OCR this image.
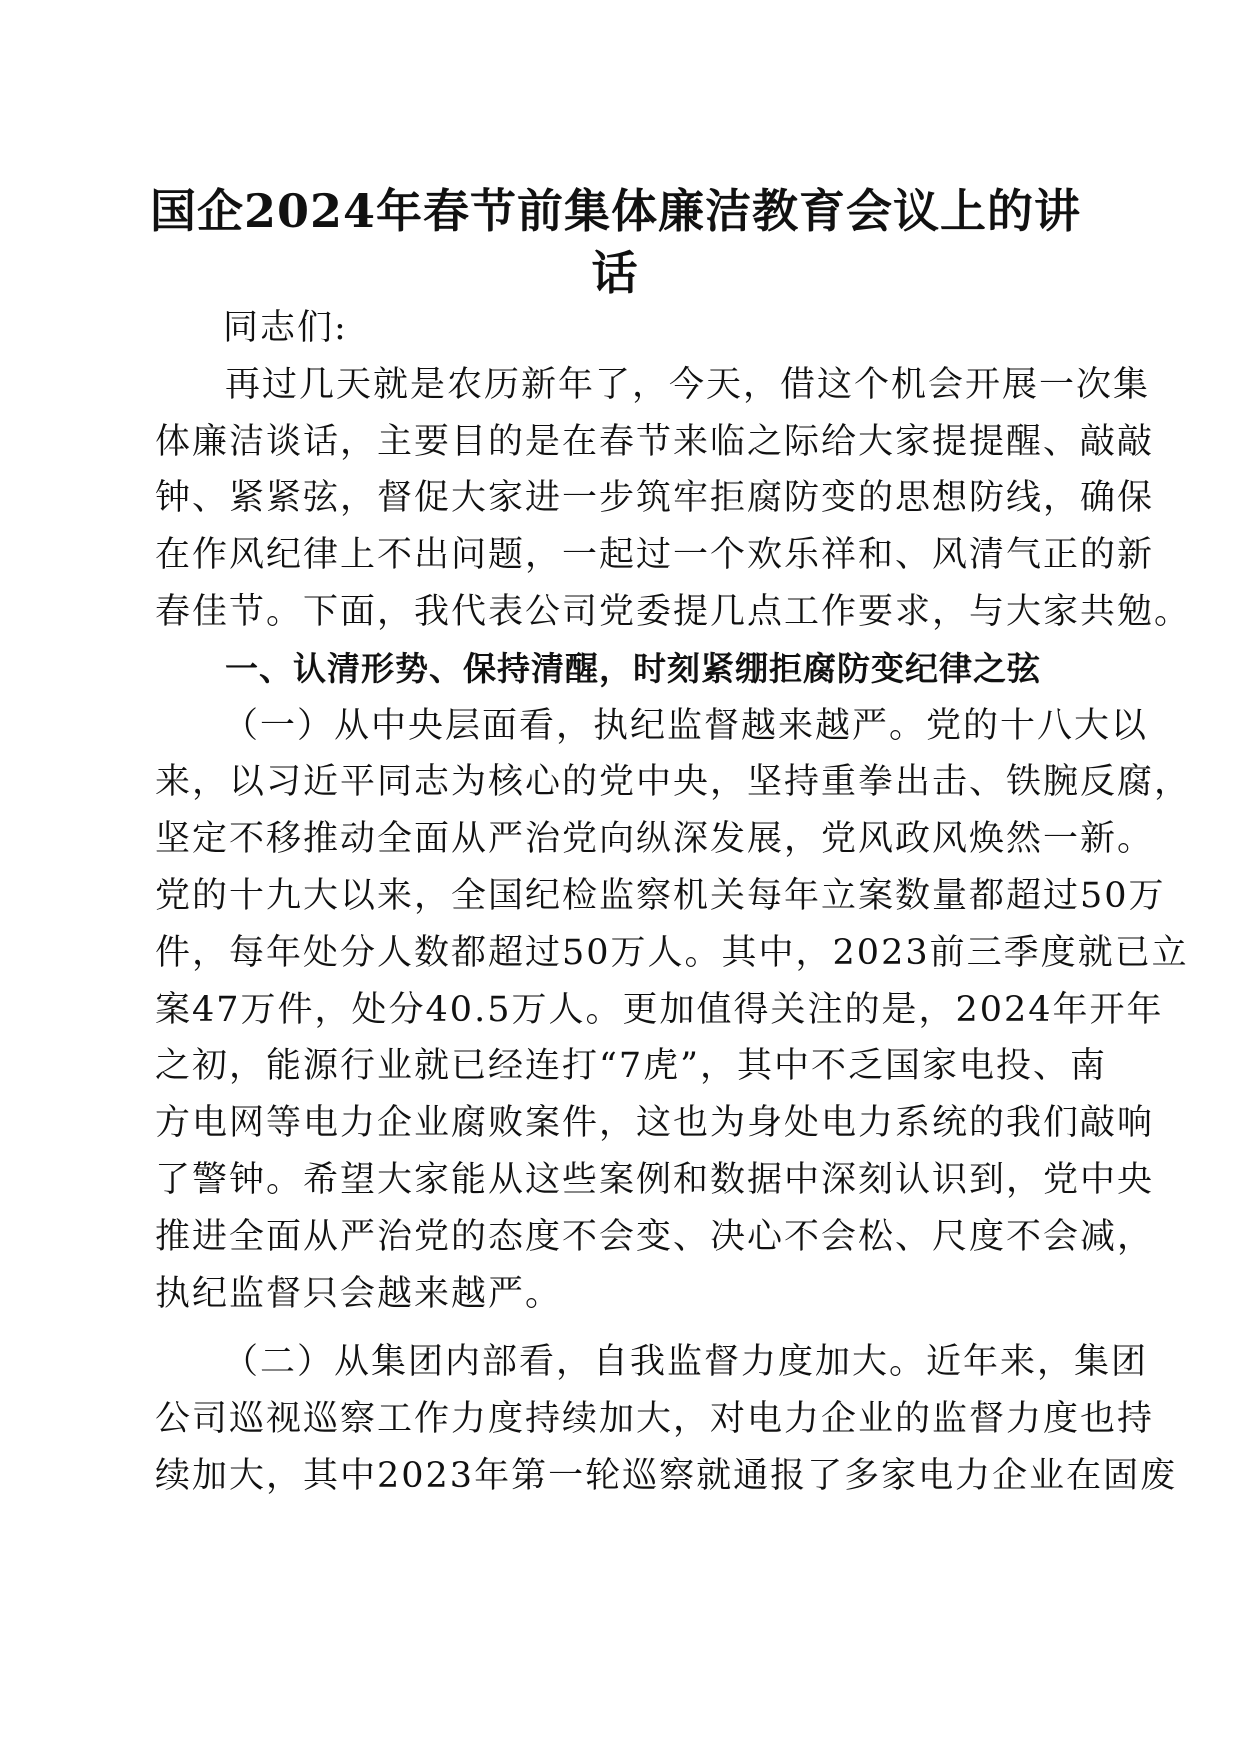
国企2024年春节前集体廉洁教育会议上的讲
话
同志们:
再过几天就是农历新年了，今天，借这个机会开展一次集
体廉洁谈话，主要目的是在春节来临之际给大家提提醒、敲敲
钟、紧紧弦，督促大家进一步筑牢拒腐防变的思想防线，确保
在作风纪律上不出问题，一起过一个欢乐祥和、风清气正的新
春佳节。下面，我代表公司党委提几点工作要求，与大家共勉。
一、认清形势、保持清醒，时刻紧绷拒腐防变纪律之弦
（一）从中央层面看，执纪监督越来越严。党的十八大以
来，以习近平同志为核心的党中央，坚持重拳出击、铁腕反腐，
坚定不移推动全面从严治党向纵深发展，党风政风焕然一新。
党的十九大以来，全国纪检监察机关每年立案数量都超过50万
件，每年处分人数都超过50万人。其中，2023前三季度就已立
案47万件，处分40.5万人。更加值得关注的是，2024年开年
之初，能源行业就已经连打“7虎”，其中不乏国家电投、南
方电网等电力企业腐败案件，这也为身处电力系统的我们敲响
了警钟。希望大家能从这些案例和数据中深刻认识到，党中央
推进全面从严治党的态度不会变、决心不会松、尺度不会减，
执纪监督只会越来越严。
（二）从集团内部看，自我监督力度加大。近年来，集团
公司巡视巡察工作力度持续加大，对电力企业的监督力度也持
续加大，其中2023年第一轮巡察就通报了多家电力企业在固废
